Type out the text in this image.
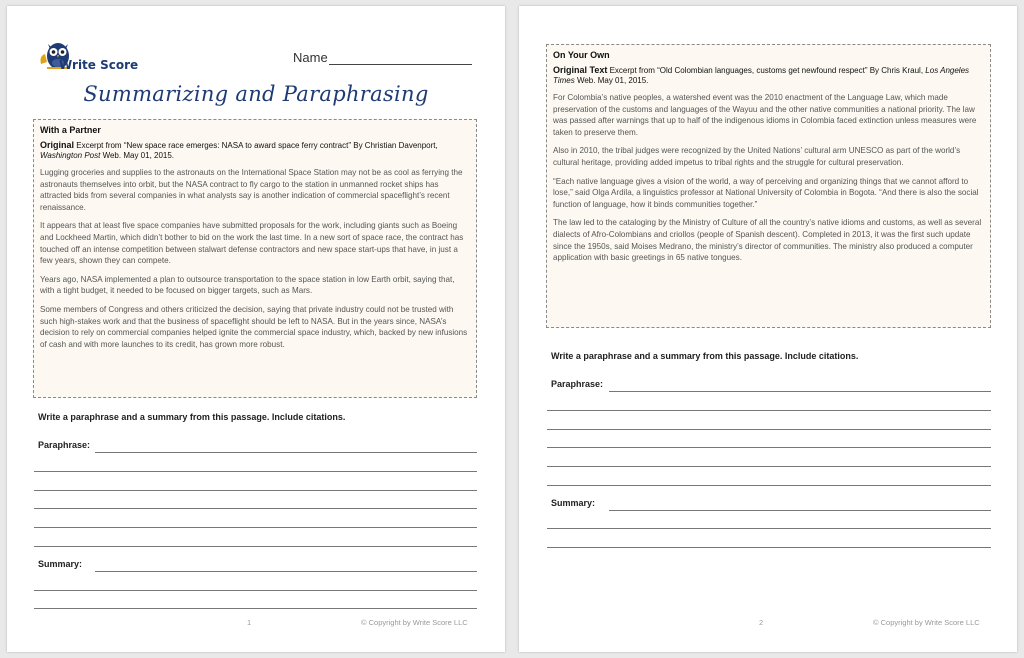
Write Score	Name
Summarizing and Paraphrasing
With a Partner
Original Excerpt from “New space race emerges: NASA to award space ferry contract” By Christian Davenport, Washington Post Web. May 01, 2015.

Lugging groceries and supplies to the astronauts on the International Space Station may not be as cool as ferrying the astronauts themselves into orbit, but the NASA contract to fly cargo to the station in unmanned rocket ships has attracted bids from several companies in what analysts say is another indication of commercial spaceflight’s recent renaissance.

It appears that at least five space companies have submitted proposals for the work, including giants such as Boeing and Lockheed Martin, which didn’t bother to bid on the work the last time. In a new sort of space race, the contract has touched off an intense competition between stalwart defense contractors and new space start-ups that have, in just a few years, shown they can compete.

Years ago, NASA implemented a plan to outsource transportation to the space station in low Earth orbit, saying that, with a tight budget, it needed to be focused on bigger targets, such as Mars.

Some members of Congress and others criticized the decision, saying that private industry could not be trusted with such high-stakes work and that the business of spaceflight should be left to NASA. But in the years since, NASA’s decision to rely on commercial companies helped ignite the commercial space industry, which, backed by new infusions of cash and with more launches to its credit, has grown more robust.

Write a paraphrase and a summary from this passage. Include citations.
Paraphrase:
Summary:
1	© Copyright by Write Score LLC
On Your Own
Original Text Excerpt from “Old Colombian languages, customs get newfound respect” By Chris Kraul, Los Angeles Times Web. May 01, 2015.

For Colombia’s native peoples, a watershed event was the 2010 enactment of the Language Law, which made preservation of the customs and languages of the Wayuu and the other native communities a national priority. The law was passed after warnings that up to half of the indigenous idioms in Colombia faced extinction unless measures were taken to preserve them.

Also in 2010, the tribal judges were recognized by the United Nations’ cultural arm UNESCO as part of the world’s cultural heritage, providing added impetus to tribal rights and the struggle for cultural preservation.

“Each native language gives a vision of the world, a way of perceiving and organizing things that we cannot afford to lose,” said Olga Ardila, a linguistics professor at National University of Colombia in Bogota. “And there is also the social function of language, how it binds communities together.”

The law led to the cataloging by the Ministry of Culture of all the country’s native idioms and customs, as well as several dialects of Afro-Colombians and criollos (people of Spanish descent). Completed in 2013, it was the first such update since the 1950s, said Moises Medrano, the ministry’s director of communities. The ministry also produced a computer application with basic greetings in 65 native tongues.

Write a paraphrase and a summary from this passage. Include citations.
Paraphrase:
Summary:
2	© Copyright by Write Score LLC
